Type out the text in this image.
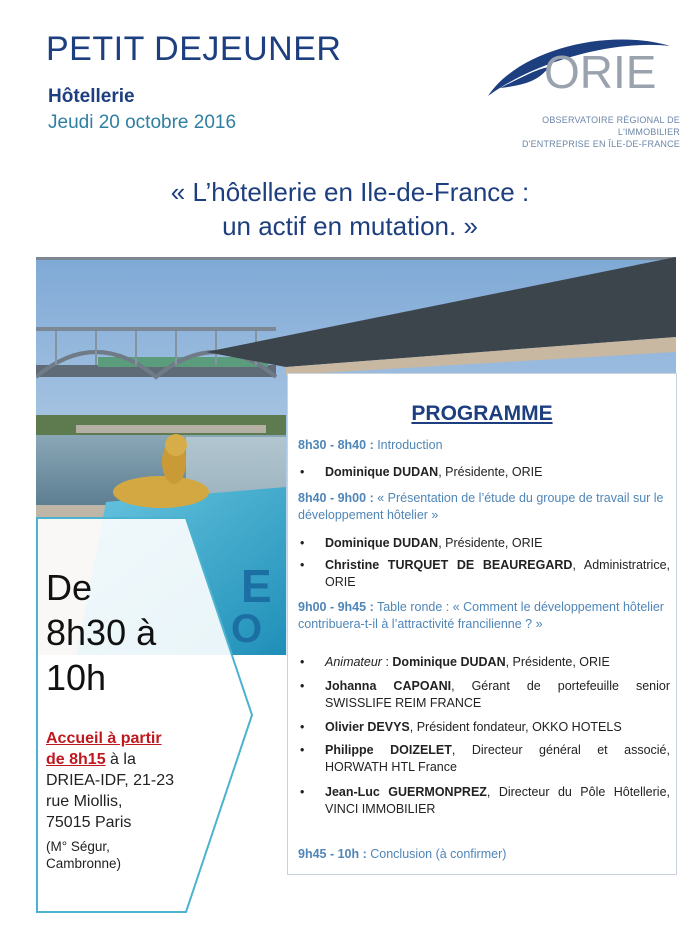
PETIT DEJEUNER
Hôtellerie
Jeudi 20 octobre 2016
ORIE
OBSERVATOIRE RÉGIONAL DE L'IMMOBILIER
D'ENTREPRISE EN ÎLE-DE-FRANCE
« L’hôtellerie en Ile-de-France :
un actif en mutation. »
E
O
PROGRAMME
8h30 - 8h40 : Introduction
• Dominique DUDAN, Présidente, ORIE
8h40 - 9h00 : « Présentation de l’étude du groupe de travail sur le développement hôtelier »
• Dominique DUDAN, Présidente, ORIE
• Christine TURQUET DE BEAUREGARD, Administratrice, ORIE
9h00 - 9h45 : Table ronde : « Comment le développement hôtelier contribuera-t-il à l’attractivité francilienne ? »
• Animateur : Dominique DUDAN, Présidente, ORIE
• Johanna CAPOANI, Gérant de portefeuille senior SWISSLIFE REIM FRANCE
• Olivier DEVYS, Président fondateur, OKKO HOTELS
• Philippe DOIZELET, Directeur général et associé, HORWATH HTL France
• Jean-Luc GUERMONPREZ, Directeur du Pôle Hôtellerie, VINCI IMMOBILIER
9h45 - 10h : Conclusion (à confirmer)
De
8h30 à
10h
Accueil à partir
de 8h15 à la
DRIEA-IDF, 21-23
rue Miollis,
75015 Paris
(M° Ségur,
Cambronne)
